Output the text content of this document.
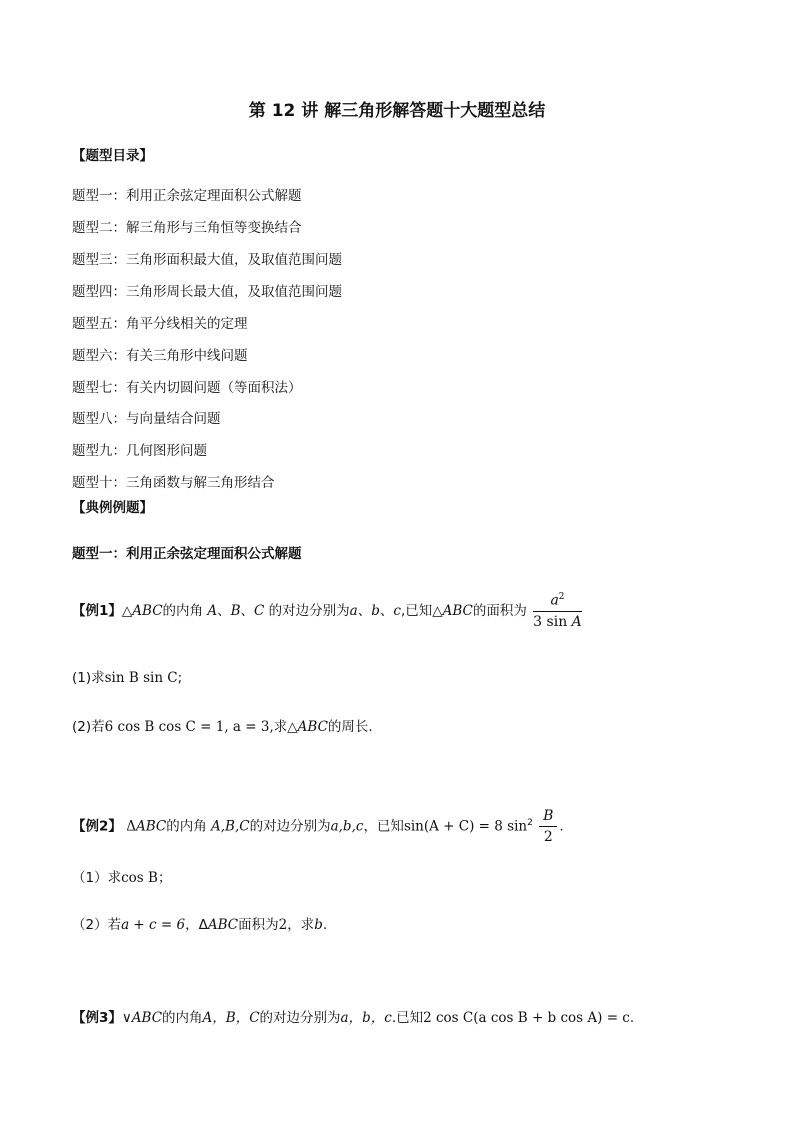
第 12 讲 解三角形解答题十大题型总结
【题型目录】
题型一：利用正余弦定理面积公式解题
题型二：解三角形与三角恒等变换结合
题型三：三角形面积最大值，及取值范围问题
题型四：三角形周长最大值，及取值范围问题
题型五：角平分线相关的定理
题型六：有关三角形中线问题
题型七：有关内切圆问题（等面积法）
题型八：与向量结合问题
题型九：几何图形问题
题型十：三角函数与解三角形结合
【典例例题】
题型一：利用正余弦定理面积公式解题
【例1】△ABC的内角 A、B、C 的对边分别为a、b、c,已知△ABC的面积为 $\frac{a^2}{\text{3 sin A}}$
(1)求sin B sin C;
(2)若6 cos B cos C = 1, a = 3,求△ABC的周长.
【例2】 ΔABC的内角 A,B,C的对边分别为a,b,c，已知sin(A + C) = 8 $\sin^2 \frac{B}{2}$ .
（1）求cos B；
（2）若a + c = 6，ΔABC面积为2，求b.
【例3】∨ABC的内角A，B，C的对边分别为a，b，c.已知2 cos C(a cos B + b cos A) = c.
